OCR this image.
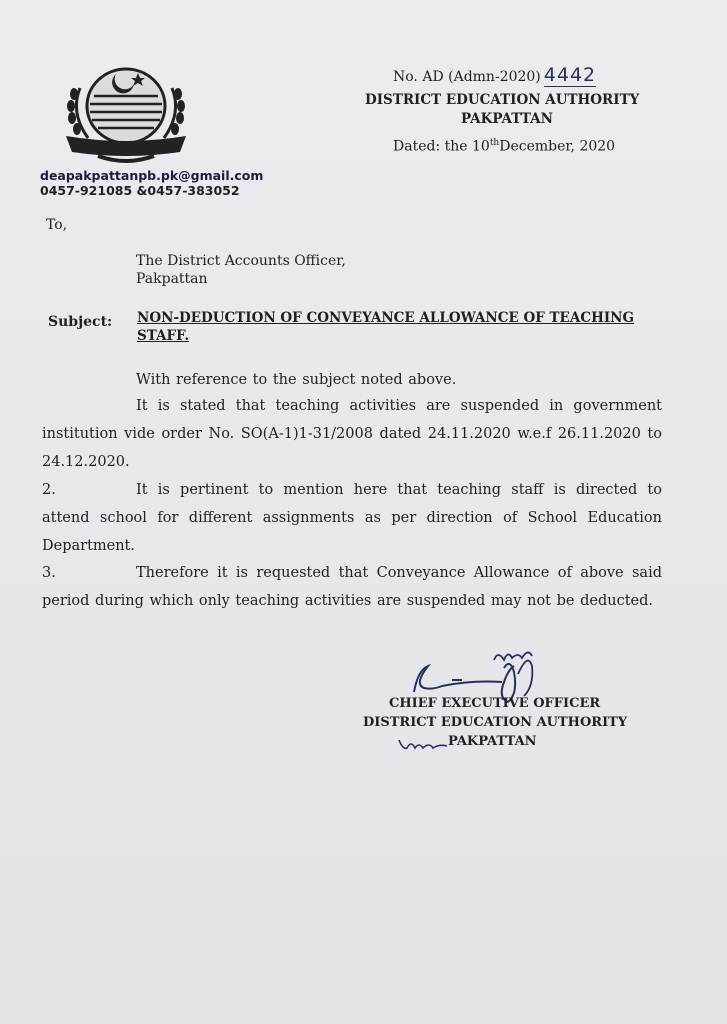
deapakpattanpb.pk@gmail.com
0457-921085 &0457-383052
No. AD (Admn-2020) 4442
DISTRICT EDUCATION AUTHORITY
PAKPATTAN
Dated: the 10thDecember, 2020
To,
The District Accounts Officer,
Pakpattan
Subject: NON-DEDUCTION OF CONVEYANCE ALLOWANCE OF TEACHING STAFF.
With reference to the subject noted above.
It is stated that teaching activities are suspended in government institution vide order No. SO(A-1)1-31/2008 dated 24.11.2020 w.e.f 26.11.2020 to 24.12.2020.
2.	It is pertinent to mention here that teaching staff is directed to attend school for different assignments as per direction of School Education Department.
3.	Therefore it is requested that Conveyance Allowance of above said period during which only teaching activities are suspended may not be deducted.
CHIEF EXECUTIVE OFFICER
DISTRICT EDUCATION AUTHORITY
PAKPATTAN
